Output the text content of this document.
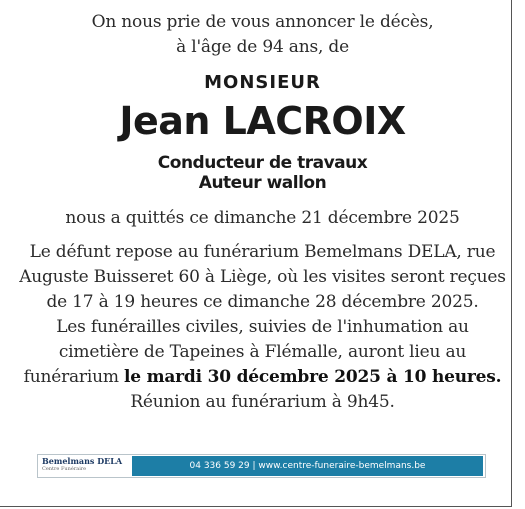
On nous prie de vous annoncer le décès,
à l'âge de 94 ans, de
MONSIEUR
Jean LACROIX
Conducteur de travaux
Auteur wallon
nous a quittés ce dimanche 21 décembre 2025
Le défunt repose au funérarium Bemelmans DELA, rue
Auguste Buisseret 60 à Liège, où les visites seront reçues
de 17 à 19 heures ce dimanche 28 décembre 2025.
Les funérailles civiles, suivies de l'inhumation au
cimetière de Tapeines à Flémalle, auront lieu au
funérarium le mardi 30 décembre 2025 à 10 heures.
Réunion au funérarium à 9h45.
Bemelmans DELA
Centre Funéraire	04 336 59 29 | www.centre-funeraire-bemelmans.be
